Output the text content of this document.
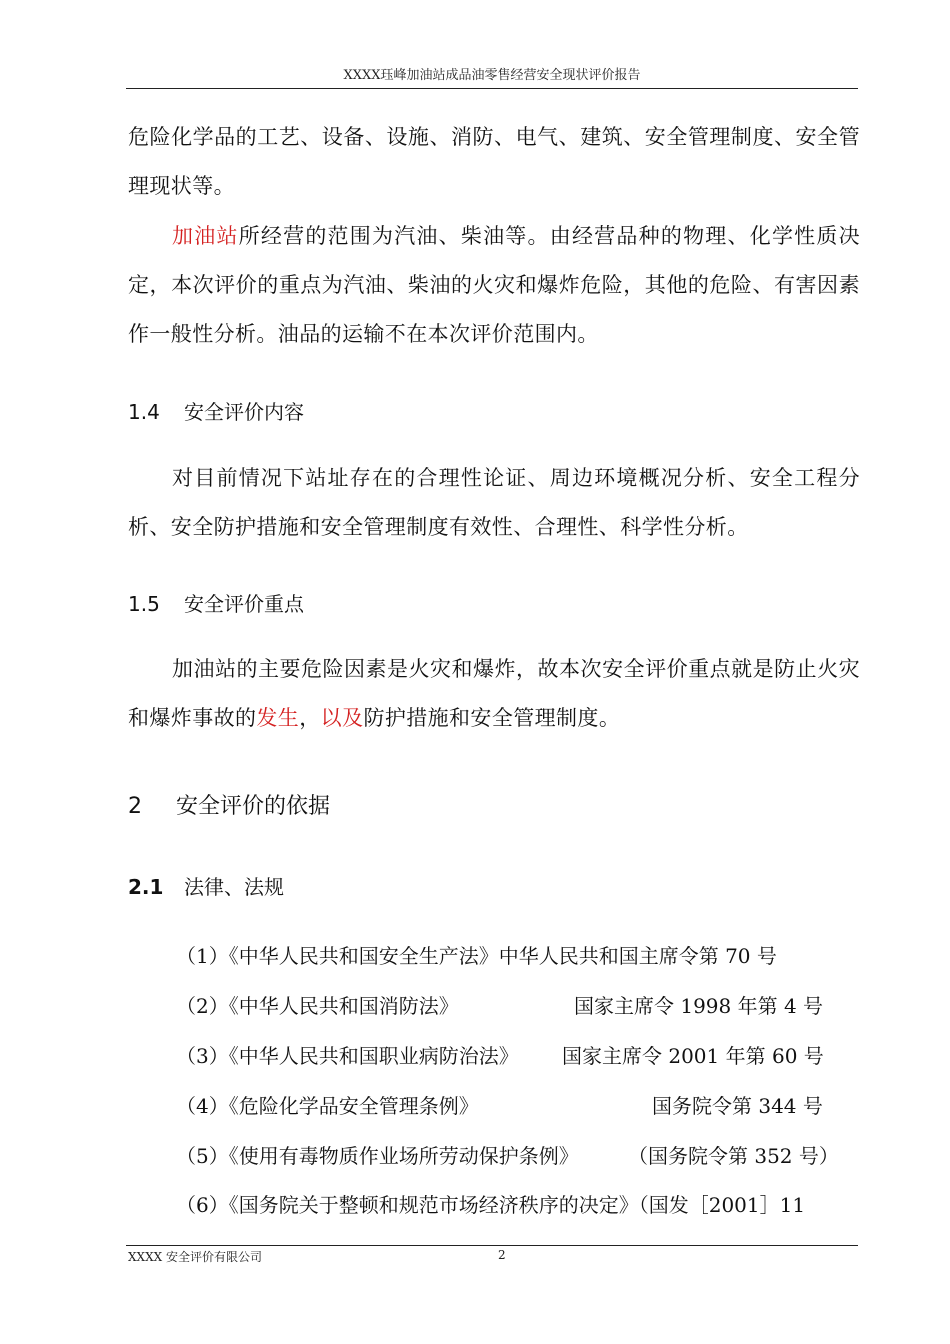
XXXX珏峰加油站成品油零售经营安全现状评价报告
危险化学品的工艺、设备、设施、消防、电气、建筑、安全管理制度、安全管理现状等。
加油站所经营的范围为汽油、柴油等。由经营品种的物理、化学性质决定，本次评价的重点为汽油、柴油的火灾和爆炸危险，其他的危险、有害因素作一般性分析。油品的运输不在本次评价范围内。
1.4 安全评价内容
对目前情况下站址存在的合理性论证、周边环境概况分析、安全工程分析、安全防护措施和安全管理制度有效性、合理性、科学性分析。
1.5 安全评价重点
加油站的主要危险因素是火灾和爆炸，故本次安全评价重点就是防止火灾和爆炸事故的发生，以及防护措施和安全管理制度。
2 安全评价的依据
2.1 法律、法规
（1）《中华人民共和国安全生产法》中华人民共和国主席令第 70 号
（2）《中华人民共和国消防法》	国家主席令 1998 年第 4 号
（3）《中华人民共和国职业病防治法》 国家主席令 2001 年第 60 号
（4）《危险化学品安全管理条例》	国务院令第 344 号
（5）《使用有毒物质作业场所劳动保护条例》 （国务院令第 352 号）
（6）《国务院关于整顿和规范市场经济秩序的决定》（国发［2001］11
XXXX 安全评价有限公司	2
